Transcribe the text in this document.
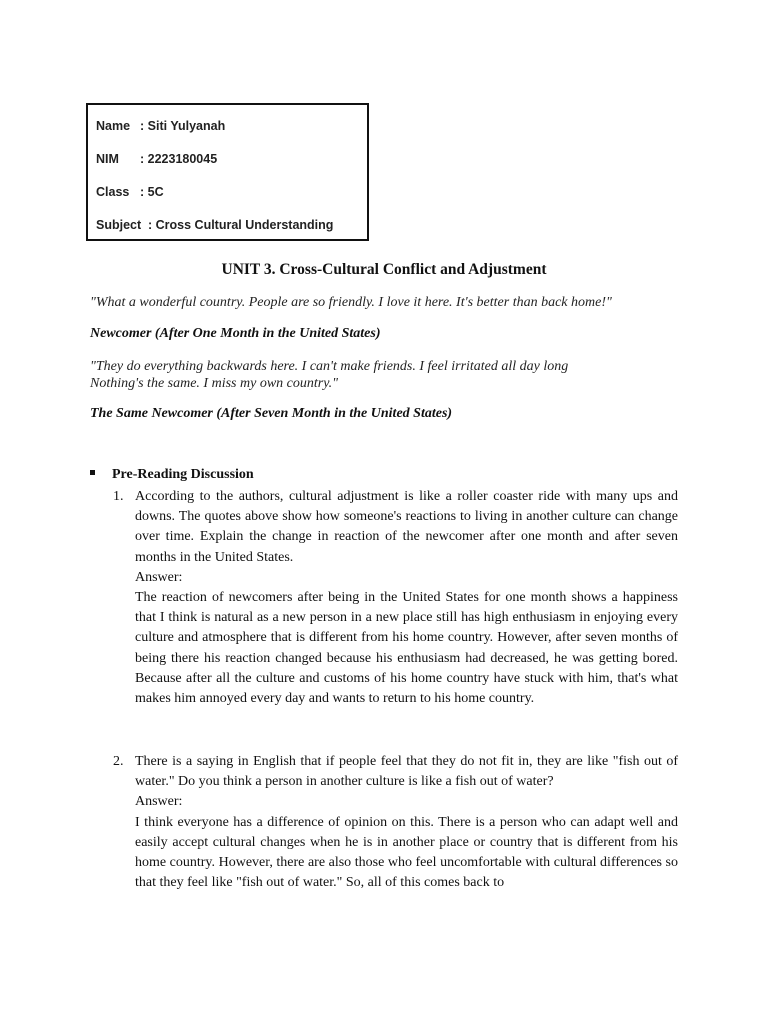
Name : Siti Yulyanah
NIM : 2223180045
Class : 5C
Subject : Cross Cultural Understanding
UNIT 3. Cross-Cultural Conflict and Adjustment
"What a wonderful country. People are so friendly. I love it here. It's better than back home!"
Newcomer (After One Month in the United States)
"They do everything backwards here. I can't make friends. I feel irritated all day long Nothing's the same. I miss my own country."
The Same Newcomer (After Seven Month in the United States)
Pre-Reading Discussion
1. According to the authors, cultural adjustment is like a roller coaster ride with many ups and downs. The quotes above show how someone's reactions to living in another culture can change over time. Explain the change in reaction of the newcomer after one month and after seven months in the United States.
Answer:
The reaction of newcomers after being in the United States for one month shows a happiness that I think is natural as a new person in a new place still has high enthusiasm in enjoying every culture and atmosphere that is different from his home country. However, after seven months of being there his reaction changed because his enthusiasm had decreased, he was getting bored. Because after all the culture and customs of his home country have stuck with him, that's what makes him annoyed every day and wants to return to his home country.
2. There is a saying in English that if people feel that they do not fit in, they are like "fish out of water." Do you think a person in another culture is like a fish out of water?
Answer:
I think everyone has a difference of opinion on this. There is a person who can adapt well and easily accept cultural changes when he is in another place or country that is different from his home country. However, there are also those who feel uncomfortable with cultural differences so that they feel like "fish out of water." So, all of this comes back to
